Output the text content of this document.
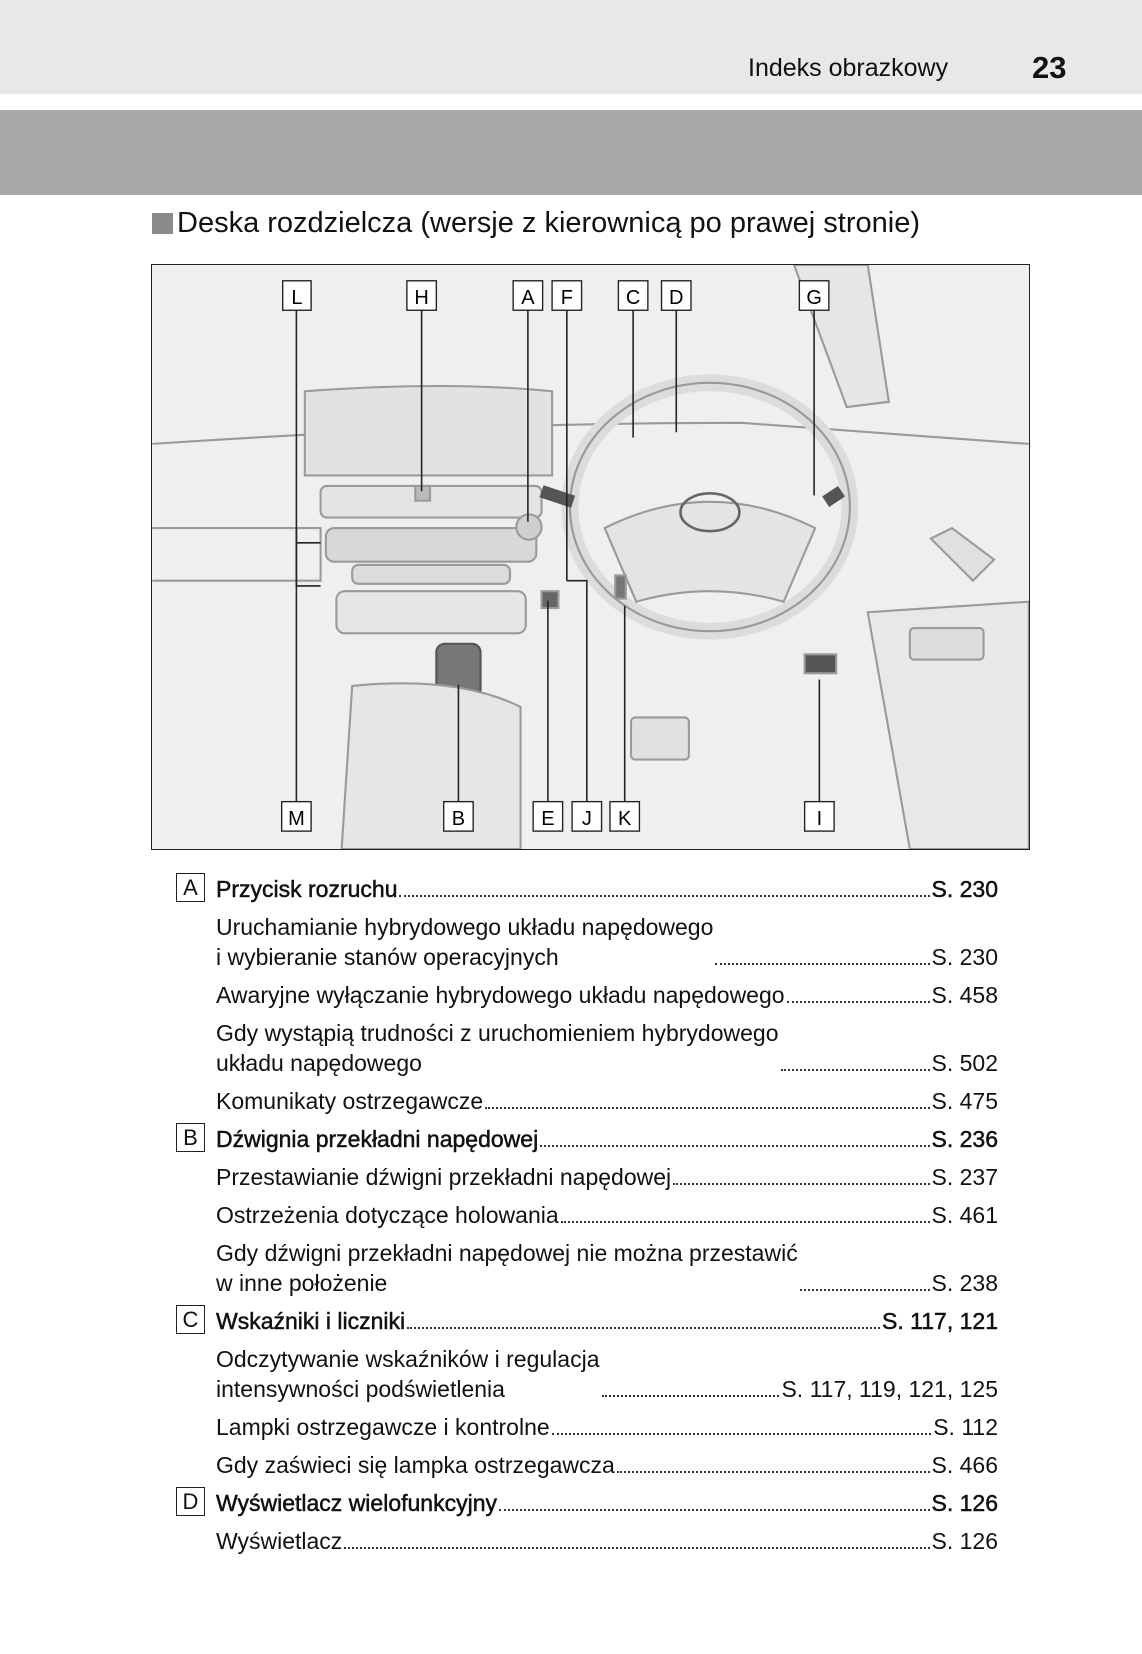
Indeks obrazkowy	23
Deska rozdzielcza (wersje z kierownicą po prawej stronie)
L	H	A F	C D	G
M	B	E J K	I
A Przycisk rozruchu	S. 230
Uruchamianie hybrydowego układu napędowego
i wybieranie stanów operacyjnych	S. 230
Awaryjne wyłączanie hybrydowego układu napędowego	S. 458
Gdy wystąpią trudności z uruchomieniem hybrydowego
układu napędowego	S. 502
Komunikaty ostrzegawcze	S. 475
B Dźwignia przekładni napędowej	S. 236
Przestawianie dźwigni przekładni napędowej	S. 237
Ostrzeżenia dotyczące holowania	S. 461
Gdy dźwigni przekładni napędowej nie można przestawić
w inne położenie	S. 238
C Wskaźniki i liczniki	S. 117, 121
Odczytywanie wskaźników i regulacja
intensywności podświetlenia	S. 117, 119, 121, 125
Lampki ostrzegawcze i kontrolne	S. 112
Gdy zaświeci się lampka ostrzegawcza	S. 466
D Wyświetlacz wielofunkcyjny	S. 126
Wyświetlacz	S. 126
